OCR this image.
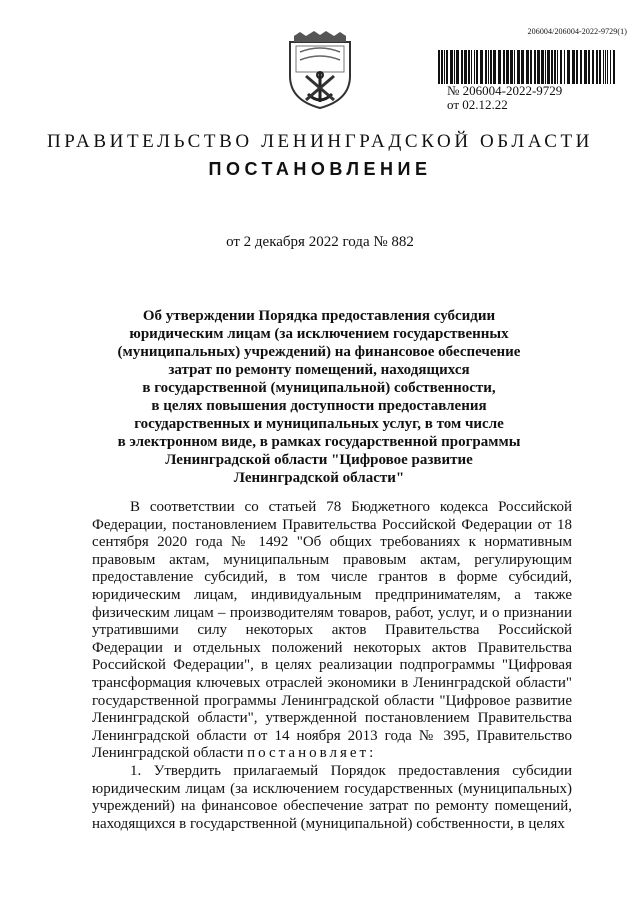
206004/206004-2022-9729(1)
№ 206004-2022-9729
от 02.12.22
ПРАВИТЕЛЬСТВО ЛЕНИНГРАДСКОЙ ОБЛАСТИ
ПОСТАНОВЛЕНИЕ
от 2 декабря 2022 года № 882
Об утверждении Порядка предоставления субсидии
юридическим лицам (за исключением государственных
(муниципальных) учреждений) на финансовое обеспечение
затрат по ремонту помещений, находящихся
в государственной (муниципальной) собственности,
в целях повышения доступности предоставления
государственных и муниципальных услуг, в том числе
в электронном виде, в рамках государственной программы
Ленинградской области "Цифровое развитие
Ленинградской области"

В соответствии со статьей 78 Бюджетного кодекса Российской Федерации, постановлением Правительства Российской Федерации от 18 сентября 2020 года № 1492 "Об общих требованиях к нормативным правовым актам, муниципальным правовым актам, регулирующим предоставление субсидий, в том числе грантов в форме субсидий, юридическим лицам, индивидуальным предпринимателям, а также физическим лицам – производителям товаров, работ, услуг, и о признании утратившими силу некоторых актов Правительства Российской Федерации и отдельных положений некоторых актов Правительства Российской Федерации", в целях реализации подпрограммы "Цифровая трансформация ключевых отраслей экономики в Ленинградской области" государственной программы Ленинградской области "Цифровое развитие Ленинградской области", утвержденной постановлением Правительства Ленинградской области от 14 ноября 2013 года № 395, Правительство Ленинградской области постановляет:

1. Утвердить прилагаемый Порядок предоставления субсидии юридическим лицам (за исключением государственных (муниципальных) учреждений) на финансовое обеспечение затрат по ремонту помещений, находящихся в государственной (муниципальной) собственности, в целях
